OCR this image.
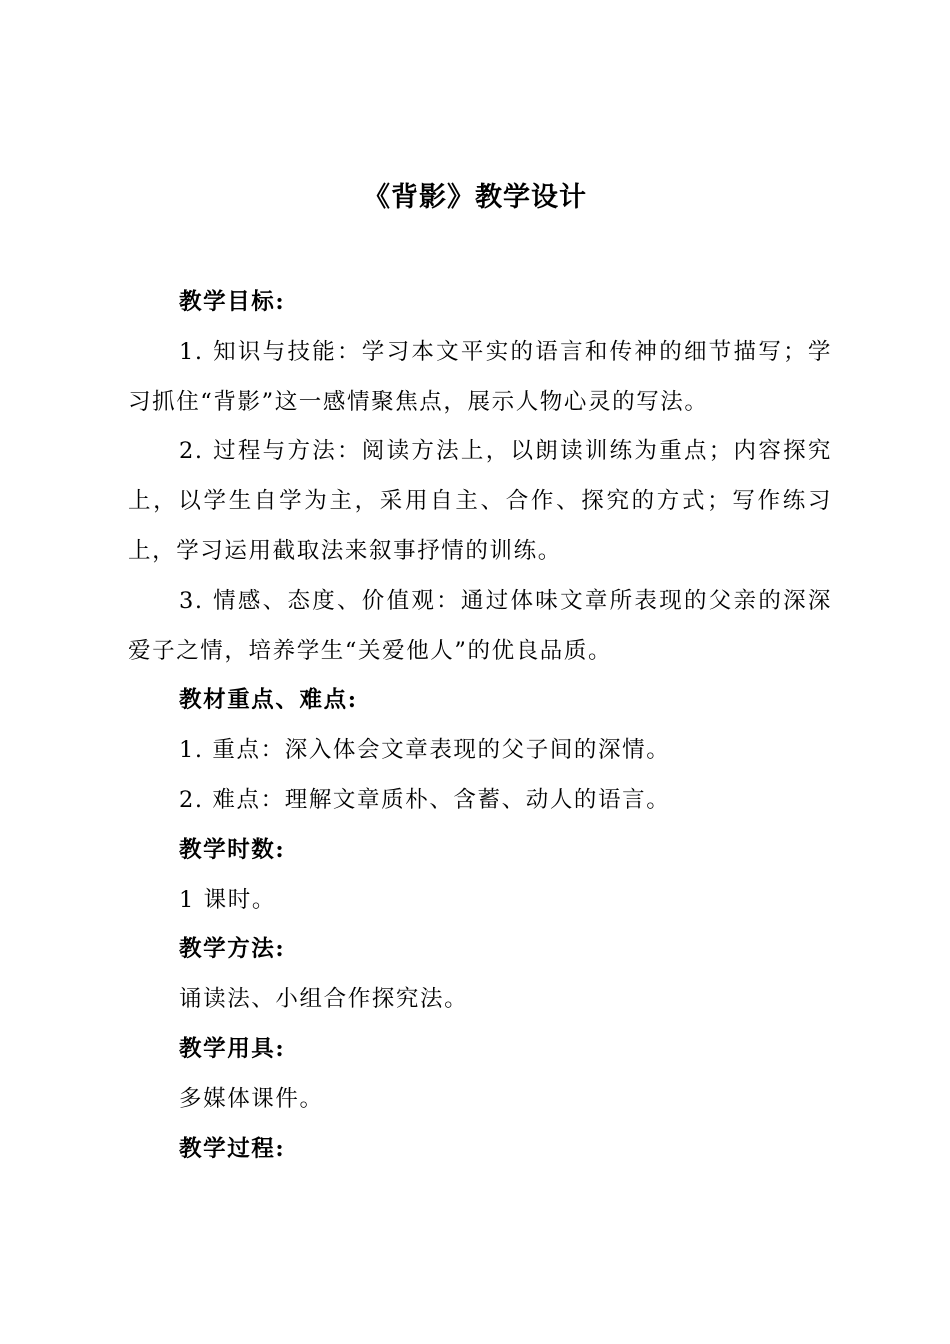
《背影》教学设计

教学目标:

1. 知识与技能：学习本文平实的语言和传神的细节描写；学习抓住“背影”这一感情聚焦点，展示人物心灵的写法。

2. 过程与方法：阅读方法上，以朗读训练为重点；内容探究上，以学生自学为主，采用自主、合作、探究的方式；写作练习上，学习运用截取法来叙事抒情的训练。

3. 情感、态度、价值观：通过体味文章所表现的父亲的深深爱子之情，培养学生“关爱他人”的优良品质。

教材重点、难点:

1. 重点：深入体会文章表现的父子间的深情。

2. 难点：理解文章质朴、含蓄、动人的语言。

教学时数:

1 课时。

教学方法:

诵读法、小组合作探究法。

教学用具:

多媒体课件。

教学过程:
